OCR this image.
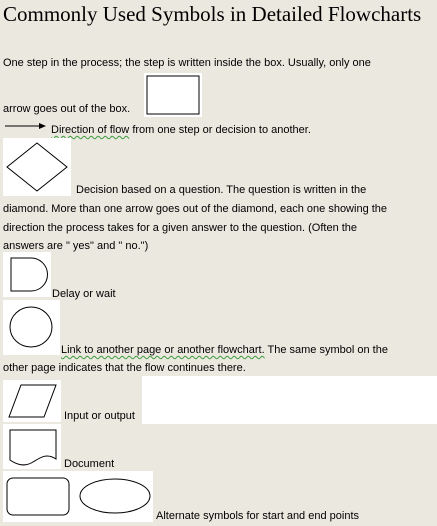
Commonly Used Symbols in Detailed Flowcharts
One step in the process; the step is written inside the box. Usually, only one
arrow goes out of the box.
Direction of flow from one step or decision to another.
Decision based on a question. The question is written in the
diamond. More than one arrow goes out of the diamond, each one showing the
direction the process takes for a given answer to the question. (Often the
answers are " yes" and " no.")
Delay or wait
Link to another page or another flowchart. The same symbol on the
other page indicates that the flow continues there.
Input or output
Document
Alternate symbols for start and end points
